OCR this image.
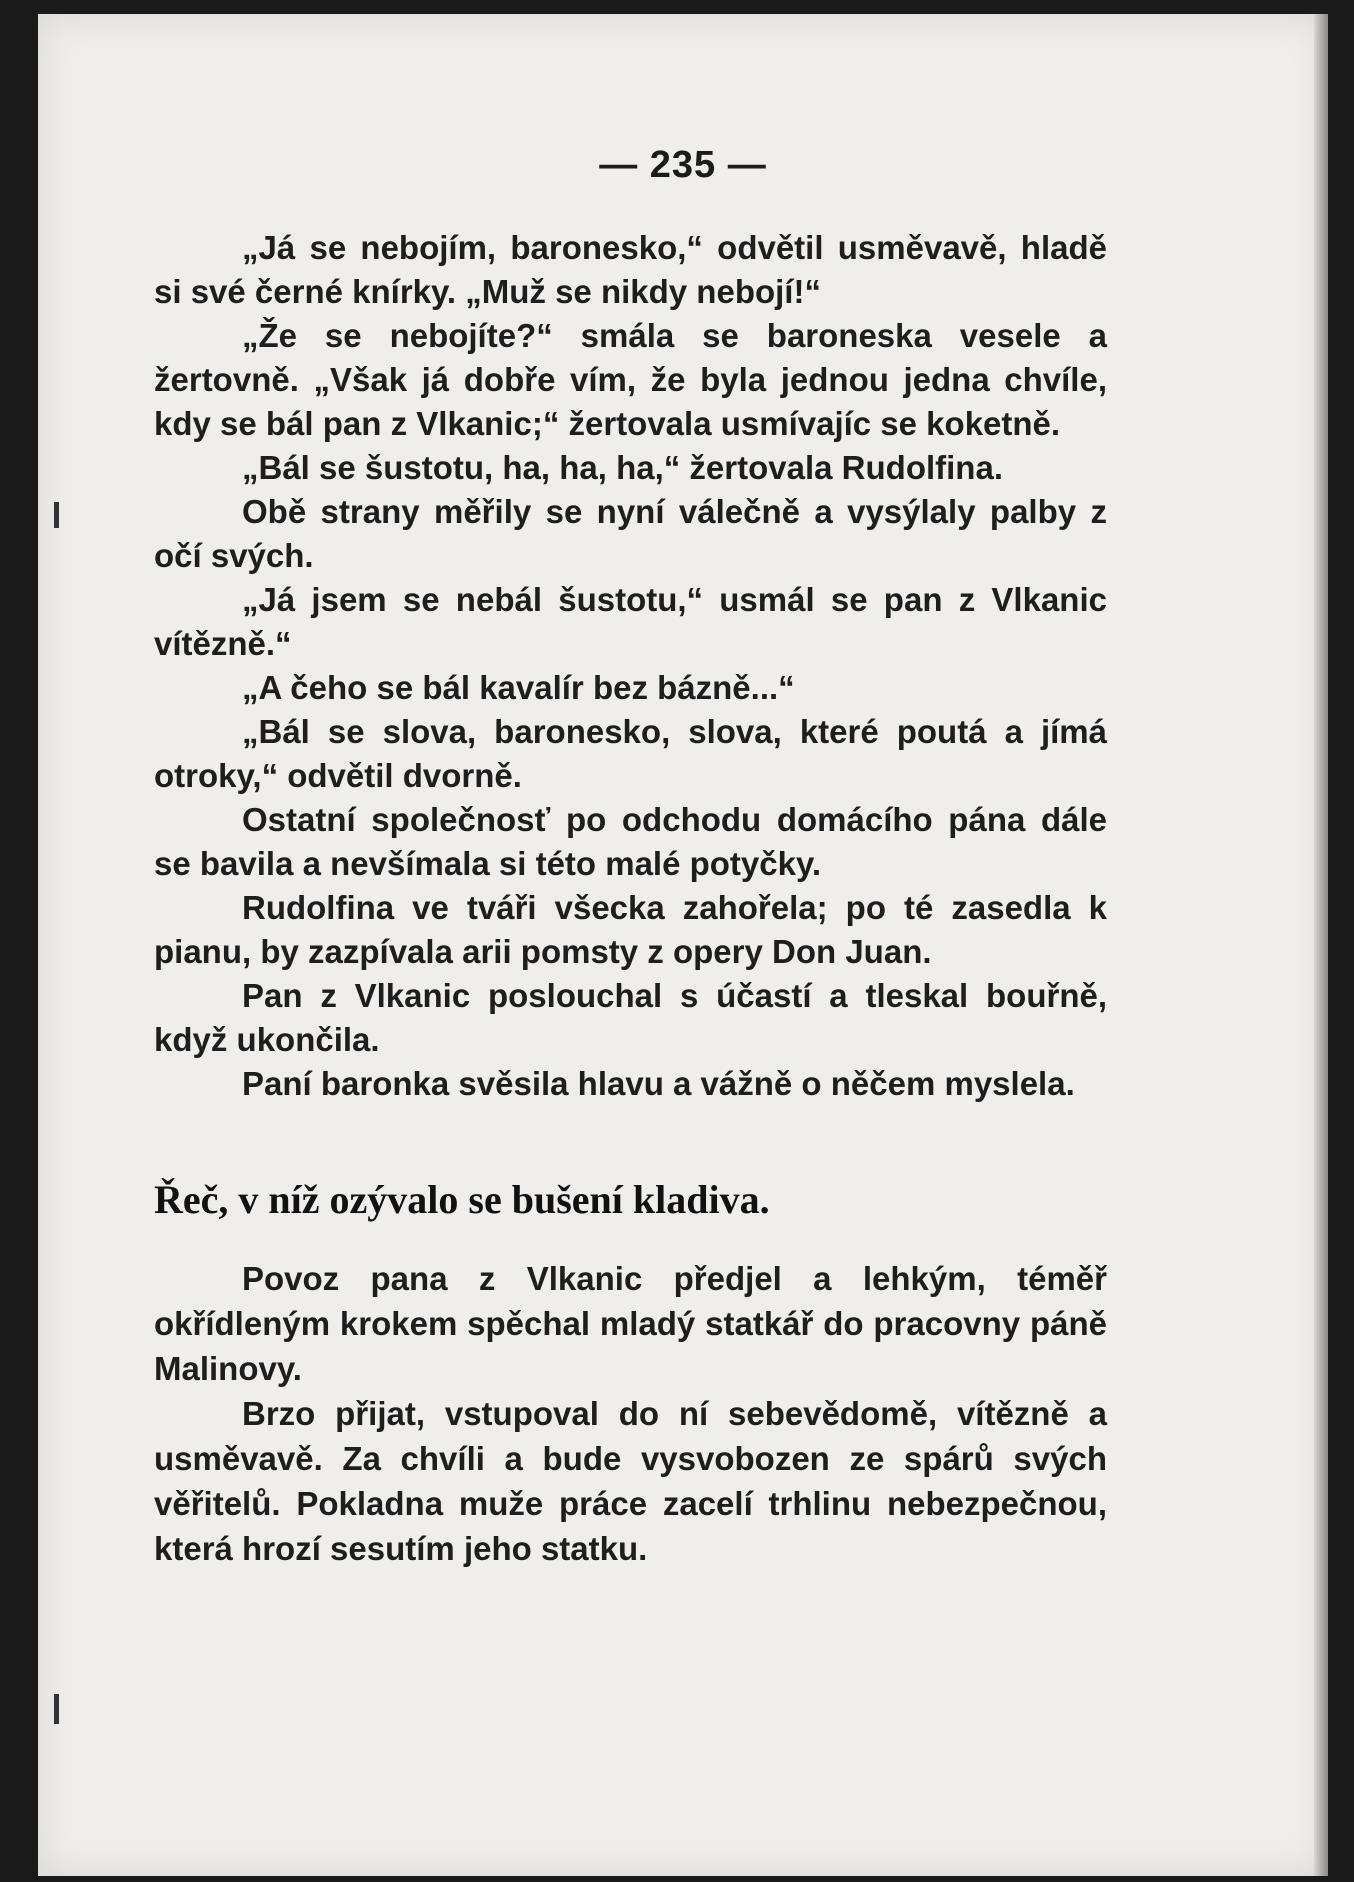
— 235 —

„Já se nebojím, baronesko,“ odvětil usměvavě, hladě si své černé knírky. „Muž se nikdy nebojí!“

„Že se nebojíte?“ smála se baroneska vesele a žertovně. „Však já dobře vím, že byla jednou jedna chvíle, kdy se bál pan z Vlkanic;“ žertovala usmívajíc se koketně.

„Bál se šustotu, ha, ha, ha,“ žertovala Rudolfina.

Obě strany měřily se nyní válečně a vysýlaly palby z očí svých.

„Já jsem se nebál šustotu,“ usmál se pan z Vlkanic vítězně.“

„A čeho se bál kavalír bez bázně...“

„Bál se slova, baronesko, slova, které poutá a jímá otroky,“ odvětil dvorně.

Ostatní společnosť po odchodu domácího pána dále se bavila a nevšímala si této malé potyčky.

Rudolfina ve tváři všecka zahořela; po té zasedla k pianu, by zazpívala arii pomsty z opery Don Juan.

Pan z Vlkanic poslouchal s účastí a tleskal bouřně, když ukončila.

Paní baronka svěsila hlavu a vážně o něčem myslela.

Řeč, v níž ozývalo se bušení kladiva.

Povoz pana z Vlkanic předjel a lehkým, téměř okřídleným krokem spěchal mladý statkář do pracovny páně Malinovy.

Brzo přijat, vstupoval do ní sebevědomě, vítězně a usměvavě. Za chvíli a bude vysvobozen ze spárů svých věřitelů. Pokladna muže práce zacelí trhlinu nebezpečnou, která hrozí sesutím jeho statku.
